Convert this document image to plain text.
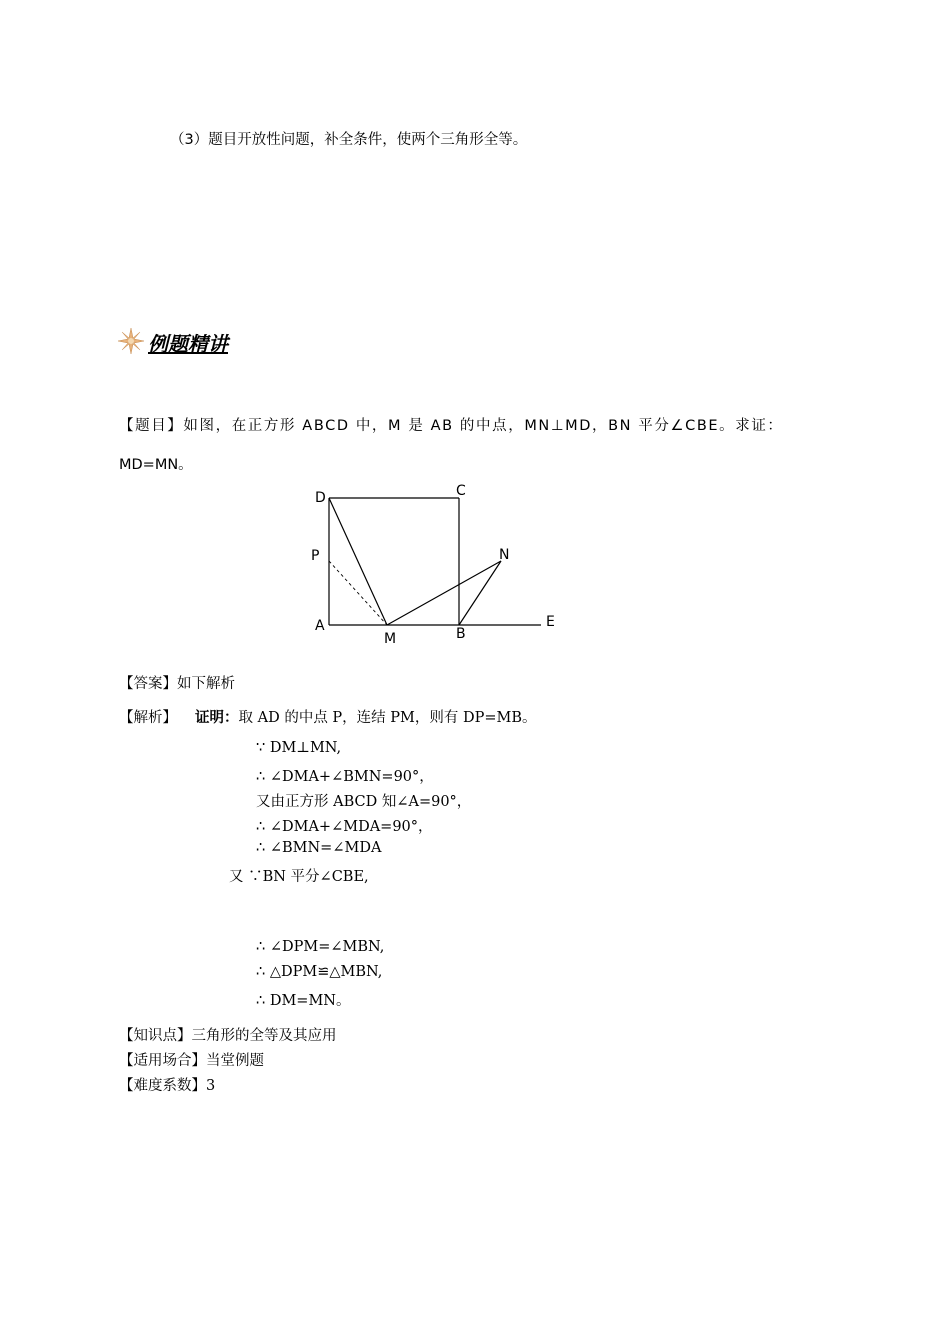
（3）题目开放性问题，补全条件，使两个三角形全等。
例题精讲
【题目】如图，在正方形 ABCD 中，M 是 AB 的中点，MN⊥MD，BN 平分∠CBE。求证：
MD=MN。
D	C
P	N
A
M	B
E
【答案】如下解析
【解析】 证明：取 AD 的中点 P，连结 PM，则有 DP=MB。
∵ DM⊥MN,
∴ ∠DMA+∠BMN=90°，
又由正方形 ABCD 知∠A=90°，
∴ ∠DMA+∠MDA=90°，
∴ ∠BMN=∠MDA
又 ∵BN 平分∠CBE,
∴ ∠DPM=∠MBN,
∴ △DPM≌△MBN,
∴ DM=MN。
【知识点】三角形的全等及其应用
【适用场合】当堂例题
【难度系数】3
